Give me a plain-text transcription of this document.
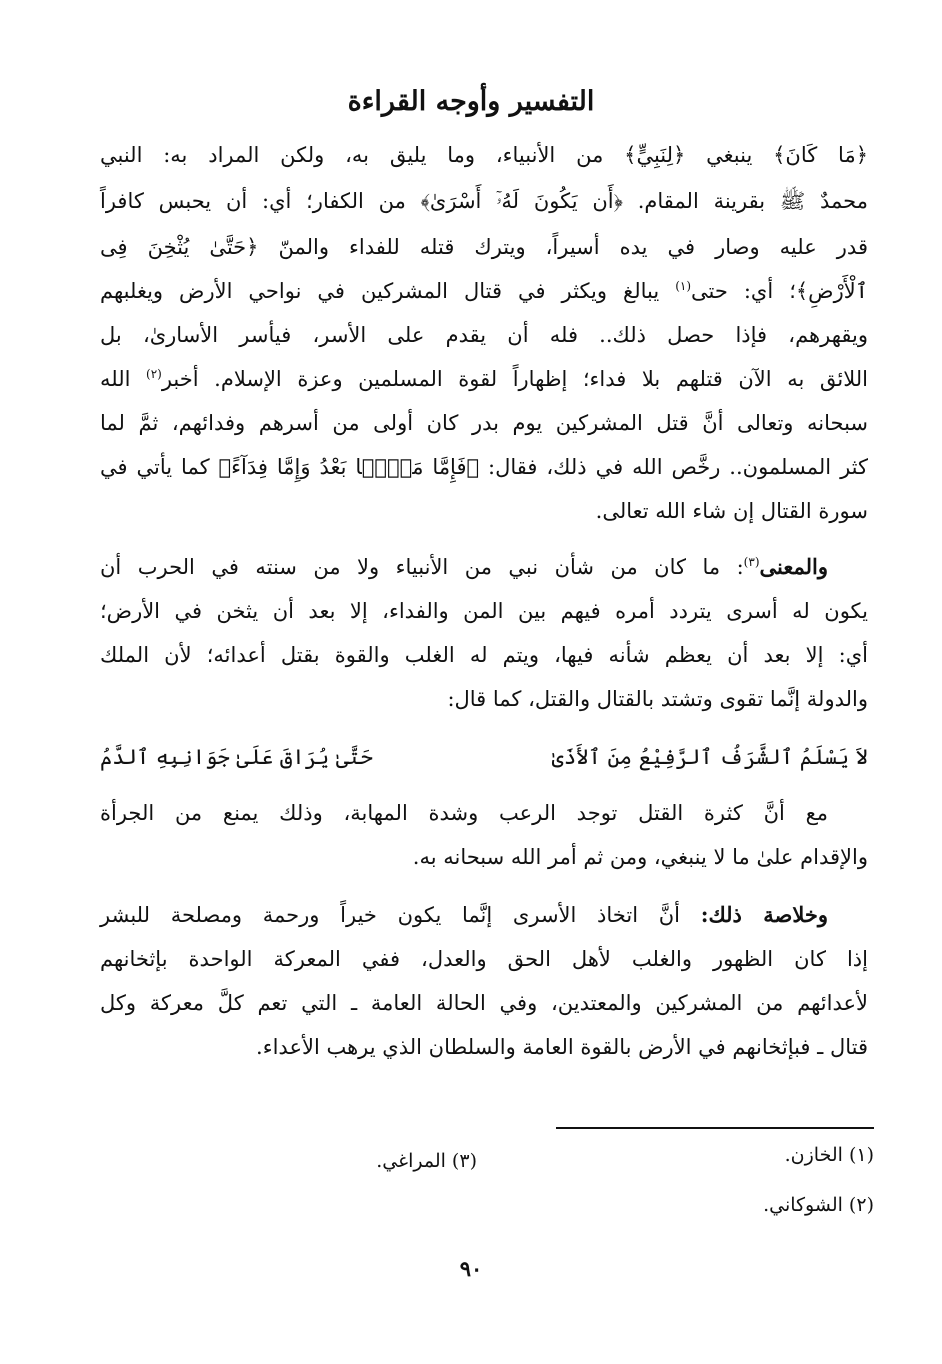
التفسير وأوجه القراءة
﴿مَا كَانَ﴾ ينبغي ﴿لِنَبِيٍّ﴾ من الأنبياء، وما يليق به، ولكن المراد به: النبي
محمدٌ ﷺ بقرينة المقام. ﴿أَن يَكُونَ لَهُۥٓ أَسْرَىٰ﴾ من الكفار؛ أي: أن يحبس كافراً
قدر عليه وصار في يده أسيراً، ويترك قتله للفداء والمنّ ﴿حَتَّىٰ يُثْخِنَ فِى
ٱلْأَرْضِ﴾؛ أي: حتى$^{(١)}$ يبالغ ويكثر في قتال المشركين في نواحي الأرض ويغلبهم
ويقهرهم، فإذا حصل ذلك.. فله أن يقدم على الأسر، فيأسر الأسارىٰ، بل
اللائق به الآن قتلهم بلا فداء؛ إظهاراً لقوة المسلمين وعزة الإسلام. أخبر$^{(٢)}$ الله
سبحانه وتعالى أنَّ قتل المشركين يوم بدر كان أولى من أسرهم وفدائهم، ثمَّ لما
كثر المسلمون.. رخَّص الله في ذلك، فقال: ﴿فَإِمَّا مَنًّۢا بَعْدُ وَإِمَّا فِدَآءً﴾ كما يأتي في
سورة القتال إن شاء الله تعالى.
والمعنى$^{(٣)}$: ما كان من شأن نبي من الأنبياء ولا من سنته في الحرب أن
يكون له أسرى يتردد أمره فيهم بين المن والفداء، إلا بعد أن يثخن في الأرض؛
أي: إلا بعد أن يعظم شأنه فيها، ويتم له الغلب والقوة بقتل أعدائه؛ لأن الملك
والدولة إنَّما تقوى وتشتد بالقتال والقتل، كما قال:
لاَ يَسْلَمُ ٱلشَّرَفُ ٱلرَّفِيْعُ مِنَ ٱلأَذَىٰ
حَتَّىٰ يُرَاقَ عَلَىٰ جَوَانِبِهِ ٱلدَّمُ
مع أنَّ كثرة القتل توجد الرعب وشدة المهابة، وذلك يمنع من الجرأة
والإقدام علىٰ ما لا ينبغي، ومن ثم أمر الله سبحانه به.
وخلاصة ذلك: أنَّ اتخاذ الأسرى إنَّما يكون خيراً ورحمة ومصلحة للبشر
إذا كان الظهور والغلب لأهل الحق والعدل، ففي المعركة الواحدة بإثخانهم
لأعدائهم من المشركين والمعتدين، وفي الحالة العامة ـ التي تعم كلَّ معركة وكل
قتال ـ فبإثخانهم في الأرض بالقوة العامة والسلطان الذي يرهب الأعداء.
(١) الخازن.
(٣) المراغي.
(٢) الشوكاني.
٩٠
